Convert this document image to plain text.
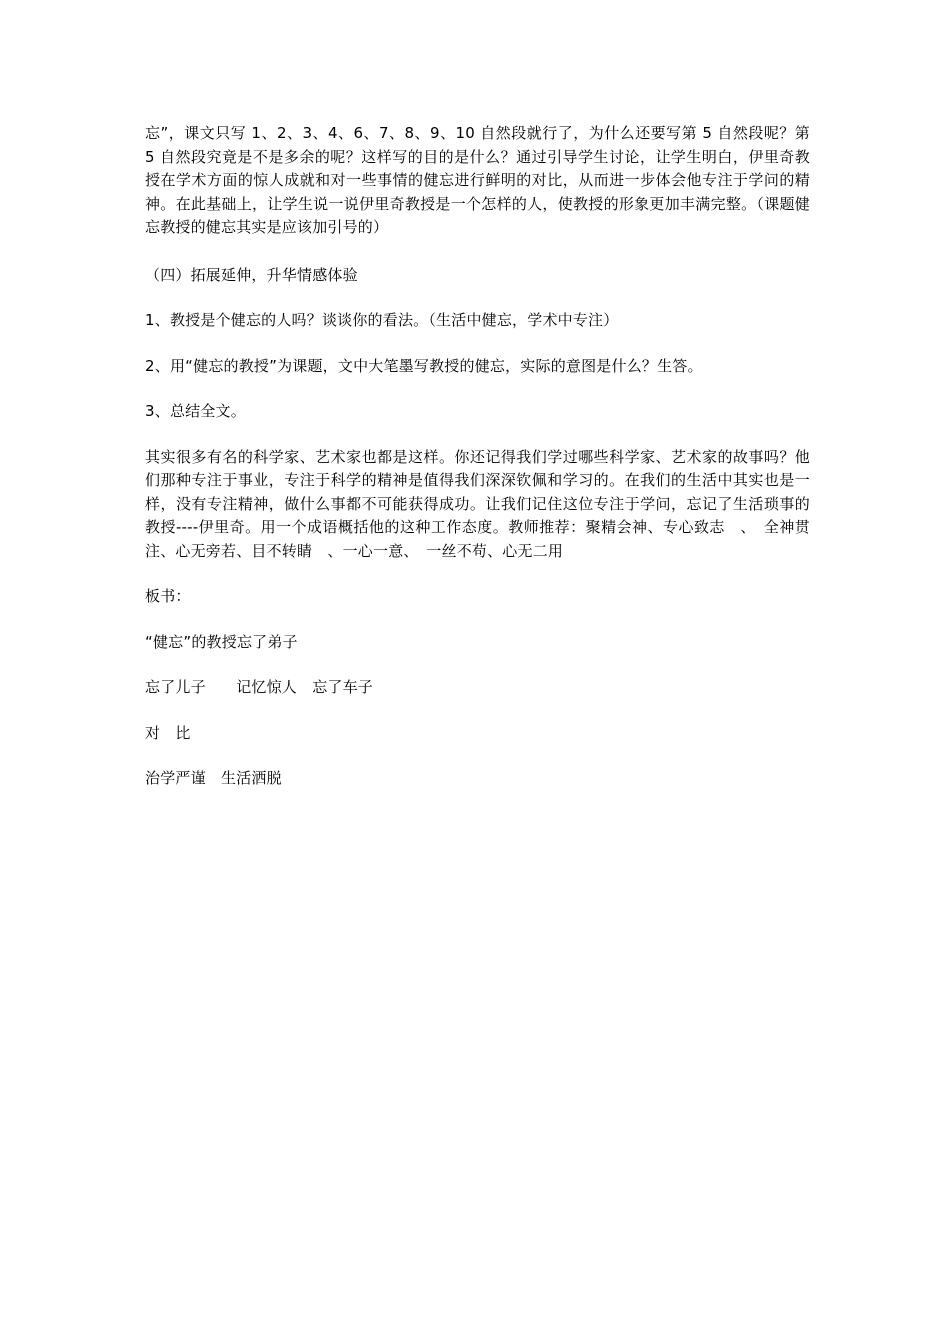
忘”，课文只写 1、2、3、4、6、7、8、9、10 自然段就行了，为什么还要写第 5 自然段呢？第 5 自然段究竟是不是多余的呢？这样写的目的是什么？通过引导学生讨论，让学生明白，伊里奇教授在学术方面的惊人成就和对一些事情的健忘进行鲜明的对比，从而进一步体会他专注于学问的精神。在此基础上，让学生说一说伊里奇教授是一个怎样的人，使教授的形象更加丰满完整。（课题健忘教授的健忘其实是应该加引号的）

（四）拓展延伸，升华情感体验

1、教授是个健忘的人吗？谈谈你的看法。（生活中健忘，学术中专注）

2、用“健忘的教授”为课题，文中大笔墨写教授的健忘，实际的意图是什么？生答。

3、总结全文。

其实很多有名的科学家、艺术家也都是这样。你还记得我们学过哪些科学家、艺术家的故事吗？他们那种专注于事业，专注于科学的精神是值得我们深深钦佩和学习的。在我们的生活中其实也是一样，没有专注精神，做什么事都不可能获得成功。让我们记住这位专注于学问，忘记了生活琐事的教授----伊里奇。用一个成语概括他的这种工作态度。教师推荐：聚精会神、专心致志　、　全神贯注、心无旁若、目不转睛　、一心一意、　一丝不苟、心无二用

板书：

“健忘”的教授忘了弟子

忘了儿子　　记忆惊人　忘了车子

对　比

治学严谨　生活洒脱
